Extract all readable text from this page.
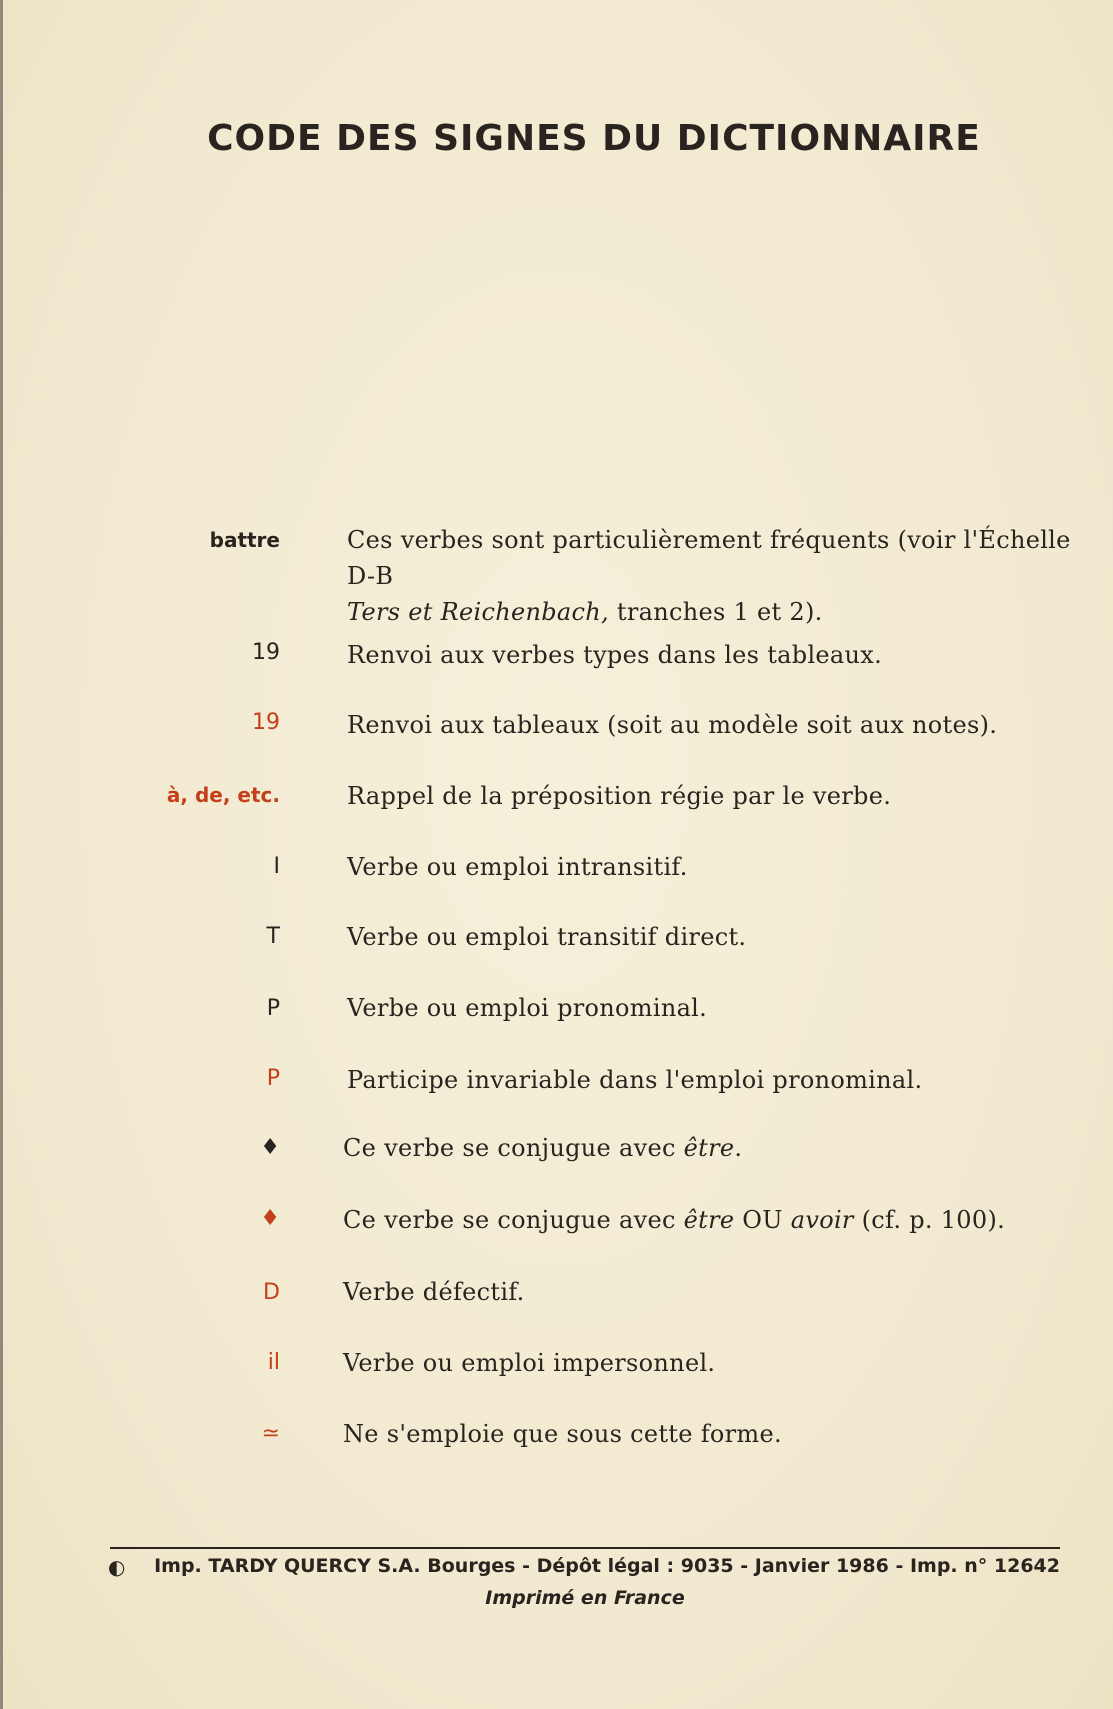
CODE DES SIGNES DU DICTIONNAIRE
battre	Ces verbes sont particulièrement fréquents (voir l'Échelle D-B
Ters et Reichenbach, tranches 1 et 2).
19	Renvoi aux verbes types dans les tableaux.
19	Renvoi aux tableaux (soit au modèle soit aux notes).
à, de, etc.	Rappel de la préposition régie par le verbe.
I	Verbe ou emploi intransitif.
T	Verbe ou emploi transitif direct.
P	Verbe ou emploi pronominal.
P	Participe invariable dans l'emploi pronominal.
♦	Ce verbe se conjugue avec être.
♦	Ce verbe se conjugue avec être OU avoir (cf. p. 100).
D	Verbe défectif.
il	Verbe ou emploi impersonnel.
≃	Ne s'emploie que sous cette forme.
◐	Imp. TARDY QUERCY S.A. Bourges - Dépôt légal : 9035 - Janvier 1986 - Imp. n° 12642
Imprimé en France
